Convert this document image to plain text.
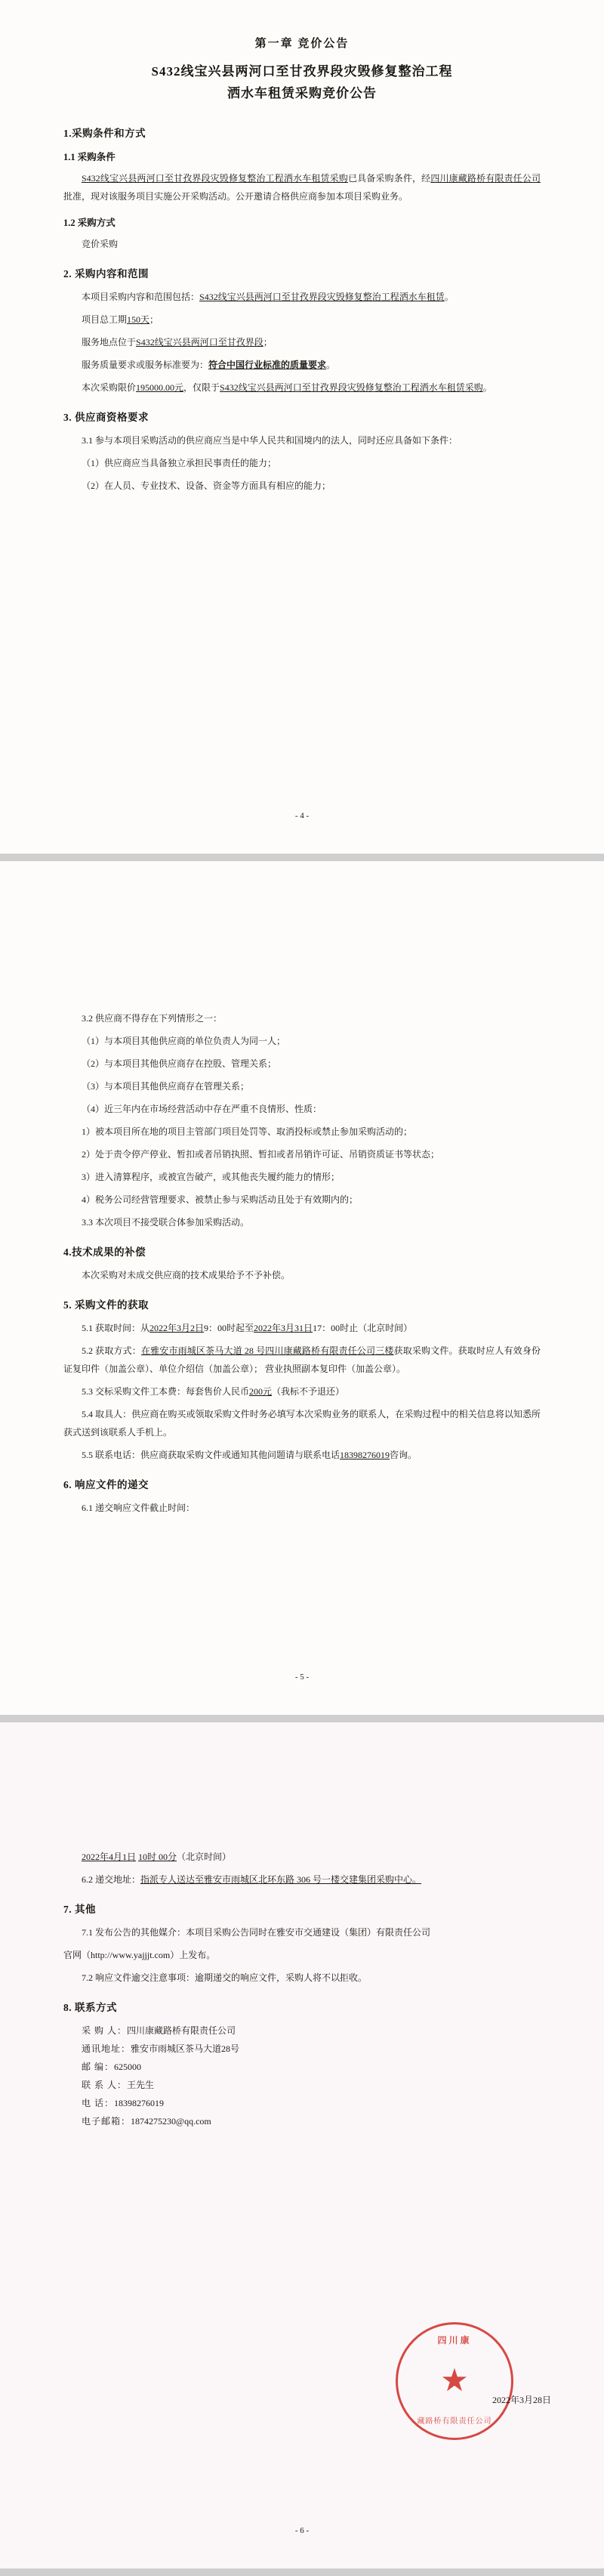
第一章 竞价公告
S432线宝兴县两河口至甘孜界段灾毁修复整治工程
洒水车租赁采购竞价公告
1.采购条件和方式
1.1 采购条件

S432线宝兴县两河口至甘孜界段灾毁修复整治工程洒水车租赁采购已具备采购条件，经四川康藏路桥有限责任公司批准，现对该服务项目实施公开采购活动。公开邀请合格供应商参加本项目采购业务。

1.2 采购方式

竞价采购

2. 采购内容和范围

本项目采购内容和范围包括：S432线宝兴县两河口至甘孜界段灾毁修复整治工程洒水车租赁。

项目总工期150天；

服务地点位于S432线宝兴县两河口至甘孜界段；

服务质量要求或服务标准要为：符合中国行业标准的质量要求。

本次采购限价195000.00元，仅限于S432线宝兴县两河口至甘孜界段灾毁修复整治工程洒水车租赁采购。

3. 供应商资格要求

3.1 参与本项目采购活动的供应商应当是中华人民共和国境内的法人，同时还应具备如下条件：

（1）供应商应当具备独立承担民事责任的能力；

（2）在人员、专业技术、设备、资金等方面具有相应的能力；

- 4 -

3.2 供应商不得存在下列情形之一：

（1）与本项目其他供应商的单位负责人为同一人；

（2）与本项目其他供应商存在控股、管理关系；

（3）与本项目其他供应商存在管理关系；

（4）近三年内在市场经营活动中存在严重不良情形、性质：

1）被本项目所在地的项目主管部门项目处罚等、取消投标或禁止参加采购活动的；

2）处于责令停产停业、暂扣或者吊销执照、暂扣或者吊销许可证、吊销资质证书等状态；

3）进入清算程序，或被宣告破产，或其他丧失履约能力的情形；

4）税务公司经营管理要求、被禁止参与采购活动且处于有效期内的；

3.3 本次项目不接受联合体参加采购活动。

4.技术成果的补偿

本次采购对未成交供应商的技术成果给予不予补偿。

5. 采购文件的获取

5.1 获取时间：从2022年3月2日9：00时起至2022年3月31日17：00时止（北京时间）

5.2 获取方式：在雅安市雨城区茶马大道 28 号四川康藏路桥有限责任公司三楼获取采购文件。获取时应人有效身份证复印件（加盖公章）、单位介绍信（加盖公章）； 营业执照副本复印件（加盖公章）。

5.3 交标采购文件工本费：每套售价人民币200元（我标不予退还）

5.4 取具人：供应商在购买或领取采购文件时务必填写本次采购业务的联系人，在采购过程中的相关信息将以知悉所获式送到该联系人手机上。

5.5 联系电话：供应商获取采购文件或通知其他问题请与联系电话18398276019咨询。

6. 响应文件的递交

6.1 递交响应文件截止时间：

- 5 -

2022年4月1日 10时 00分（北京时间）

6.2 递交地址：指派专人送达至雅安市雨城区北环东路 306 号一楼交建集团采购中心。

7. 其他

7.1 发布公告的其他媒介：本项目采购公告同时在雅安市交通建设（集团）有限责任公司

官网（http://www.yajjjt.com）上发布。

7.2 响应文件逾交注意事项：逾期递交的响应文件，采购人将不以拒收。

8. 联系方式
采 购 人：四川康藏路桥有限责任公司
通讯地址：雅安市雨城区茶马大道28号
邮 编：625000
联 系 人：王先生
电 话：18398276019
电子邮箱：1874275230@qq.com
四川康
★
藏路桥有限责任公司
2022年3月28日
- 6 -
